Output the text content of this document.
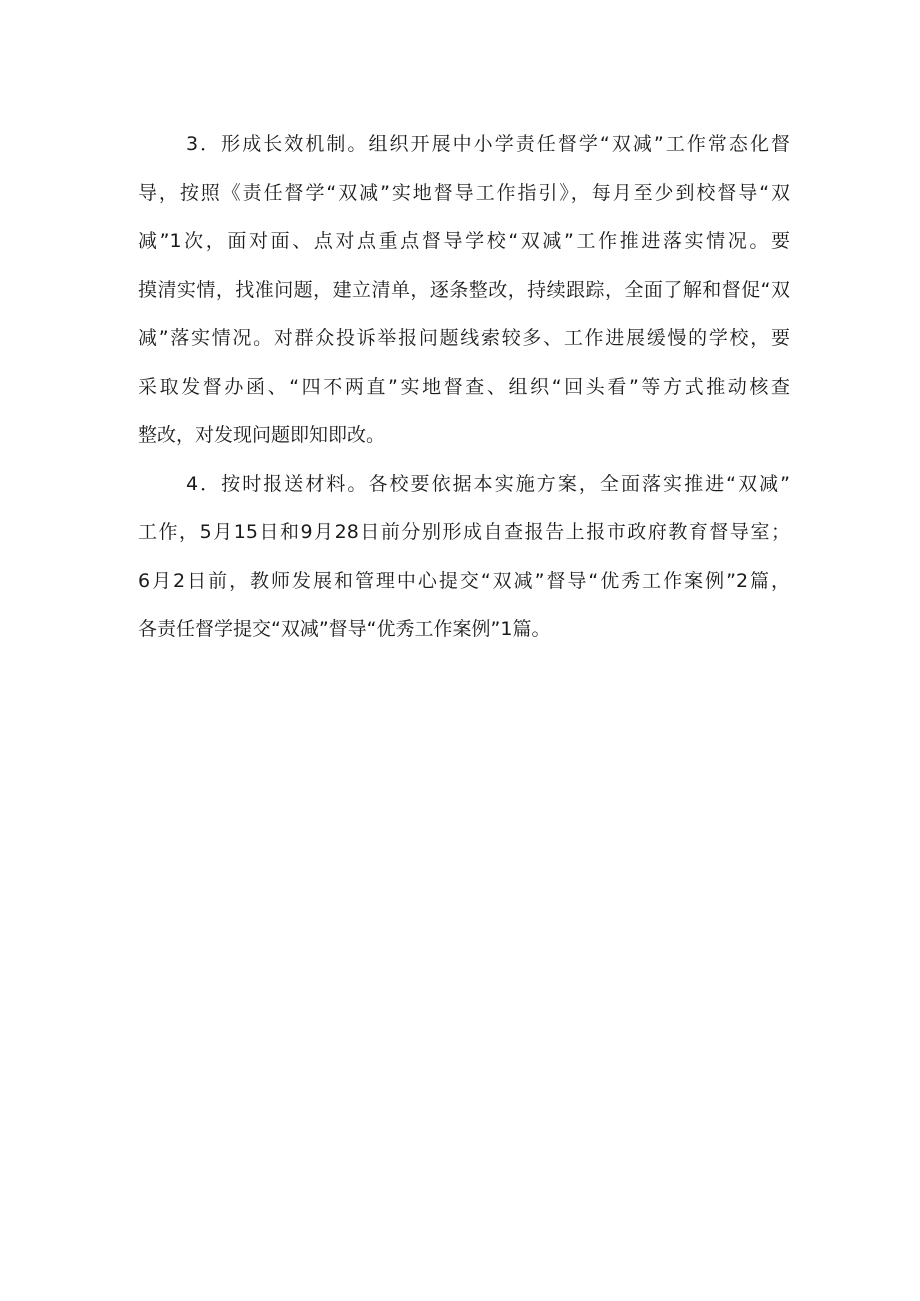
3．形成长效机制。组织开展中小学责任督学“双减”工作常态化督
导，按照《责任督学“双减”实地督导工作指引》，每月至少到校督导“双
减”1次，面对面、点对点重点督导学校“双减”工作推进落实情况。要
摸清实情，找准问题，建立清单，逐条整改，持续跟踪，全面了解和督促“双
减”落实情况。对群众投诉举报问题线索较多、工作进展缓慢的学校，要
采取发督办函、“四不两直”实地督查、组织“回头看”等方式推动核查
整改，对发现问题即知即改。
4．按时报送材料。各校要依据本实施方案，全面落实推进“双减”
工作，5月15日和9月28日前分别形成自查报告上报市政府教育督导室；
6月2日前，教师发展和管理中心提交“双减”督导“优秀工作案例”2篇，
各责任督学提交“双减”督导“优秀工作案例”1篇。
